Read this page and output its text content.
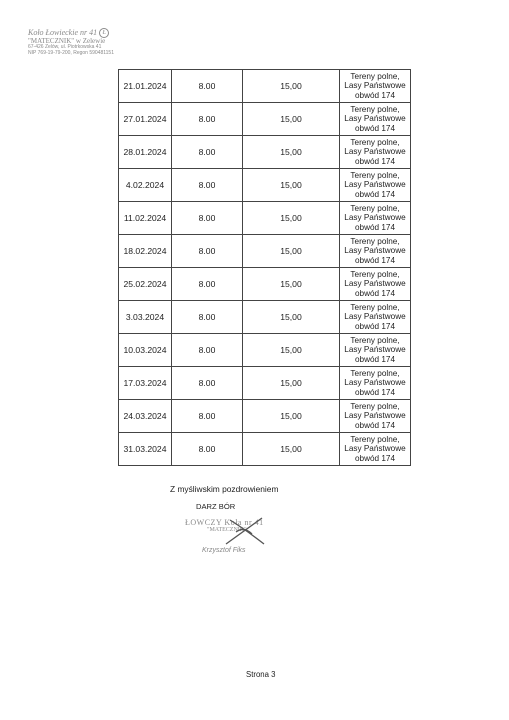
Koło Łowieckie nr 41 Ł
"MATECZNIK" w Zelewie
67-426 Zelów, ul. Piotrkowska 41
NIP 769-19-79-200, Regon 590481151
21.01.2024	8.00	15,00	Tereny polne,
Lasy Państwowe
obwód 174

27.01.2024	8.00	15,00	Tereny polne,
Lasy Państwowe
obwód 174

28.01.2024	8.00	15,00	Tereny polne,
Lasy Państwowe
obwód 174

4.02.2024	8.00	15,00	Tereny polne,
Lasy Państwowe
obwód 174

11.02.2024	8.00	15,00	Tereny polne,
Lasy Państwowe
obwód 174

18.02.2024	8.00	15,00	Tereny polne,
Lasy Państwowe
obwód 174

25.02.2024	8.00	15,00	Tereny polne,
Lasy Państwowe
obwód 174

3.03.2024	8.00	15,00	Tereny polne,
Lasy Państwowe
obwód 174

10.03.2024	8.00	15,00	Tereny polne,
Lasy Państwowe
obwód 174

17.03.2024	8.00	15,00	Tereny polne,
Lasy Państwowe
obwód 174

24.03.2024	8.00	15,00	Tereny polne,
Lasy Państwowe
obwód 174

31.03.2024	8.00	15,00	Tereny polne,
Lasy Państwowe
obwód 174
Z myśliwskim pozdrowieniem
DARZ BÓR
ŁOWCZY Koła nr 41
"MATECZNIK"
Krzysztof Fiks
Strona 3
